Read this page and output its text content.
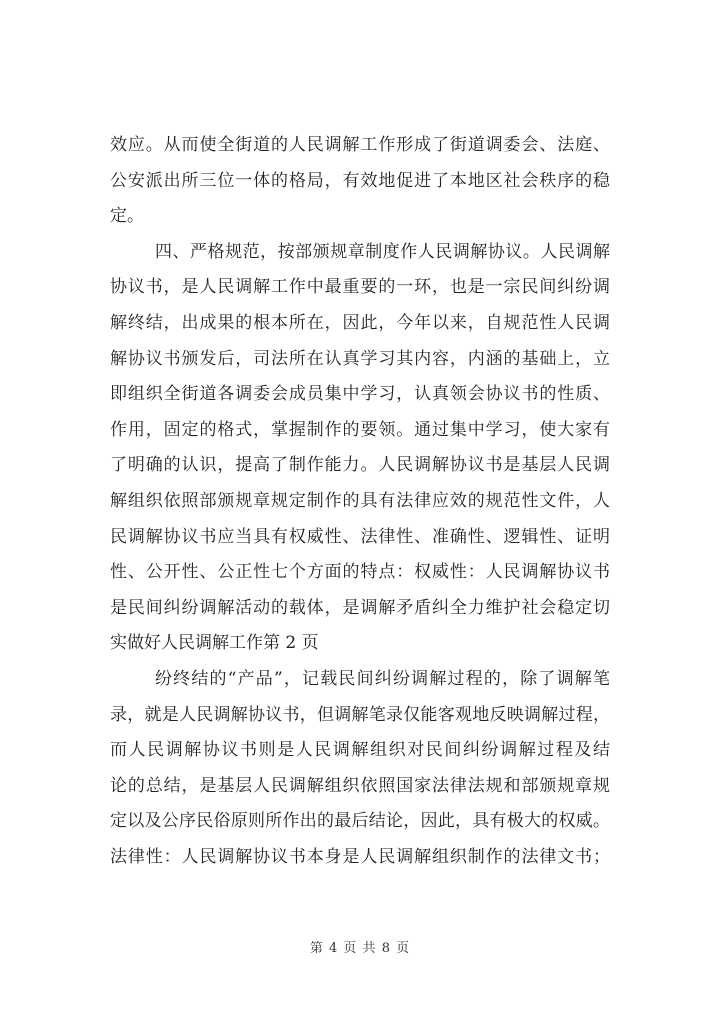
效应。从而使全街道的人民调解工作形成了街道调委会、法庭、
公安派出所三位一体的格局，有效地促进了本地区社会秩序的稳
定。
四、严格规范，按部颁规章制度作人民调解协议。人民调解
协议书，是人民调解工作中最重要的一环，也是一宗民间纠纷调
解终结，出成果的根本所在，因此，今年以来，自规范性人民调
解协议书颁发后，司法所在认真学习其内容，内涵的基础上，立
即组织全街道各调委会成员集中学习，认真领会协议书的性质、
作用，固定的格式，掌握制作的要领。通过集中学习，使大家有
了明确的认识，提高了制作能力。人民调解协议书是基层人民调
解组织依照部颁规章规定制作的具有法律应效的规范性文件，人
民调解协议书应当具有权威性、法律性、准确性、逻辑性、证明
性、公开性、公正性七个方面的特点：权威性：人民调解协议书
是民间纠纷调解活动的载体，是调解矛盾纠全力维护社会稳定切
实做好人民调解工作第 2 页
纷终结的“产品”，记载民间纠纷调解过程的，除了调解笔
录，就是人民调解协议书，但调解笔录仅能客观地反映调解过程，
而人民调解协议书则是人民调解组织对民间纠纷调解过程及结
论的总结，是基层人民调解组织依照国家法律法规和部颁规章规
定以及公序民俗原则所作出的最后结论，因此，具有极大的权威。
法律性：人民调解协议书本身是人民调解组织制作的法律文书；
第 4 页 共 8 页
